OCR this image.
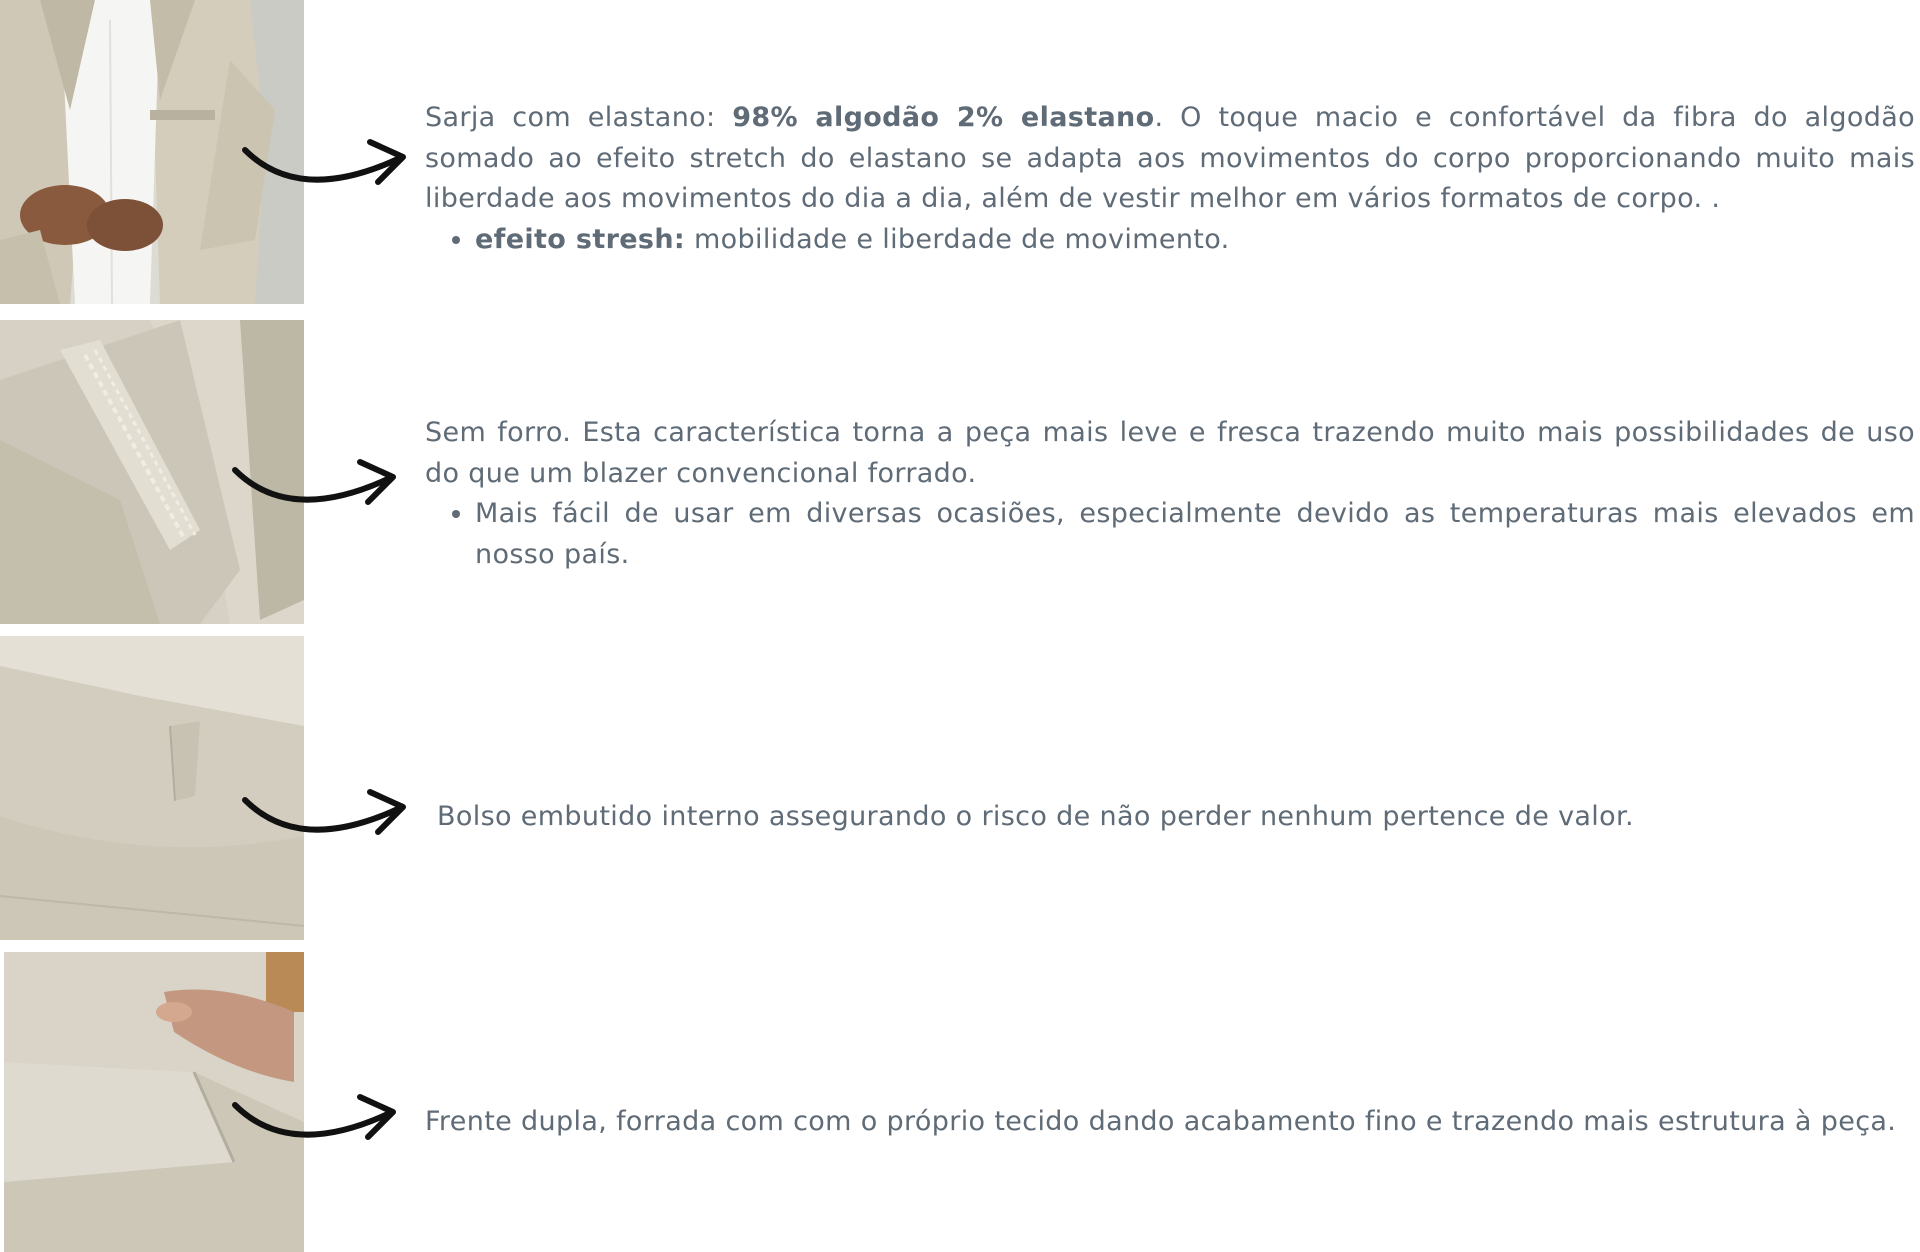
Sarja com elastano: 98% algodão 2% elastano. O toque macio e confortável da fibra do algodão somado ao efeito stretch do elastano se adapta aos movimentos do corpo proporcionando muito mais liberdade aos movimentos do dia a dia, além de vestir melhor em vários formatos de corpo. .

• efeito stresh: mobilidade e liberdade de movimento.

Sem forro. Esta característica torna a peça mais leve e fresca trazendo muito mais possibilidades de uso do que um blazer convencional forrado.

• Mais fácil de usar em diversas ocasiões, especialmente devido as temperaturas mais elevados em nosso país.

Bolso embutido interno assegurando o risco de não perder nenhum pertence de valor.

Frente dupla, forrada com com o próprio tecido dando acabamento fino e trazendo mais estrutura à peça.
